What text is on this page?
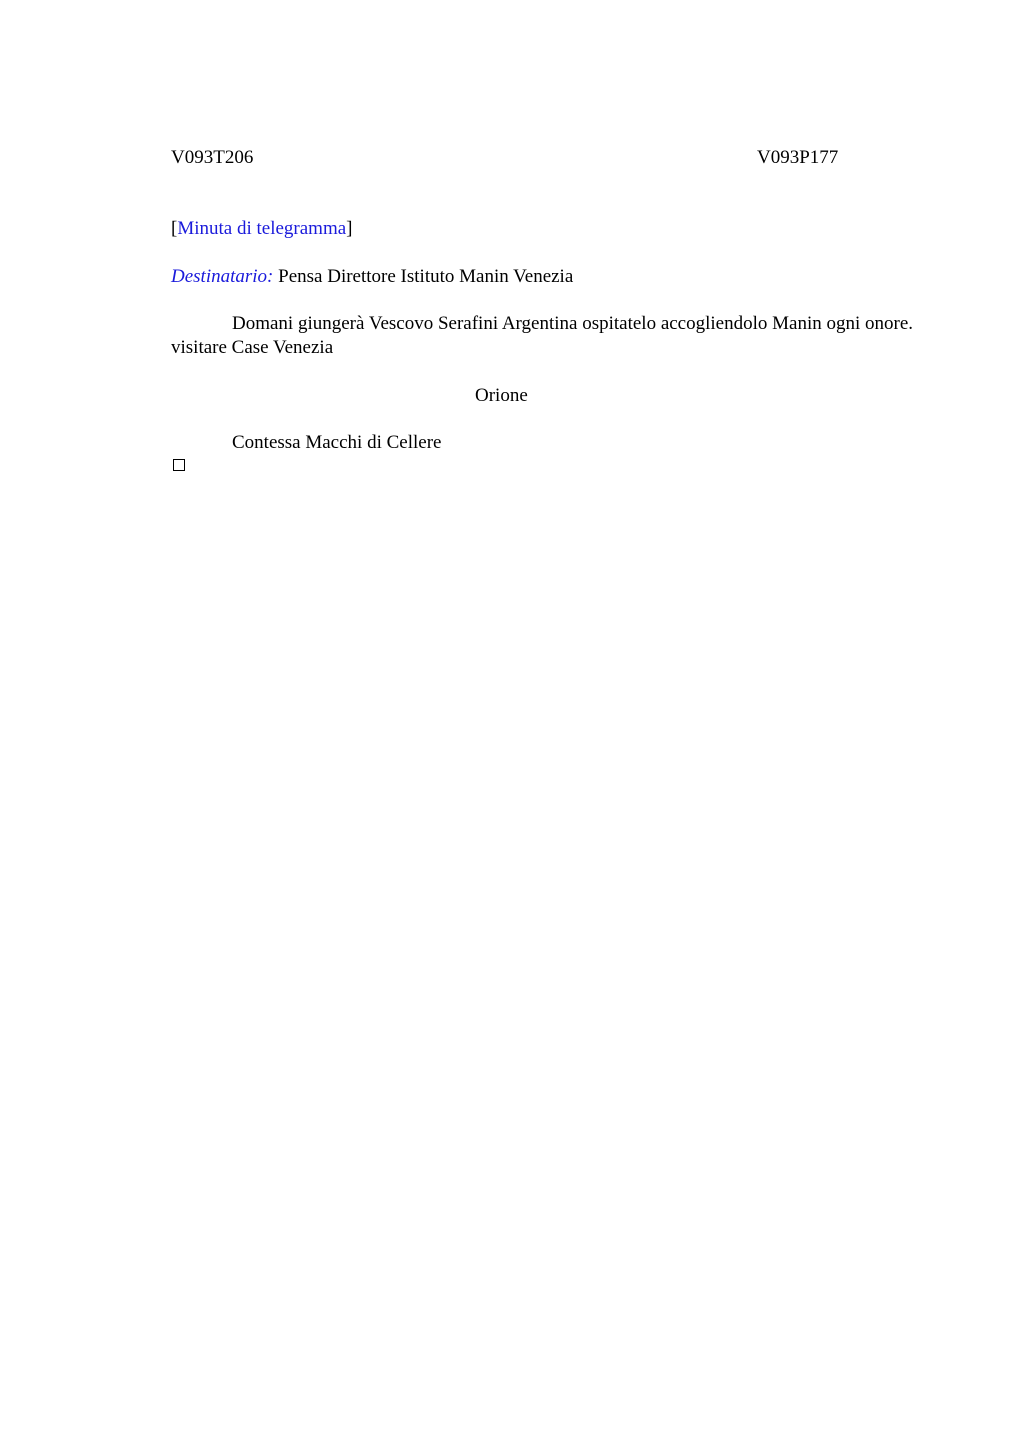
V093T206	V093P177
[Minuta di telegramma]
Destinatario: Pensa Direttore Istituto Manin Venezia
Domani giungerà Vescovo Serafini Argentina ospitatelo accogliendolo Manin ogni onore. visitare Case Venezia
Orione
Contessa Macchi di Cellere
